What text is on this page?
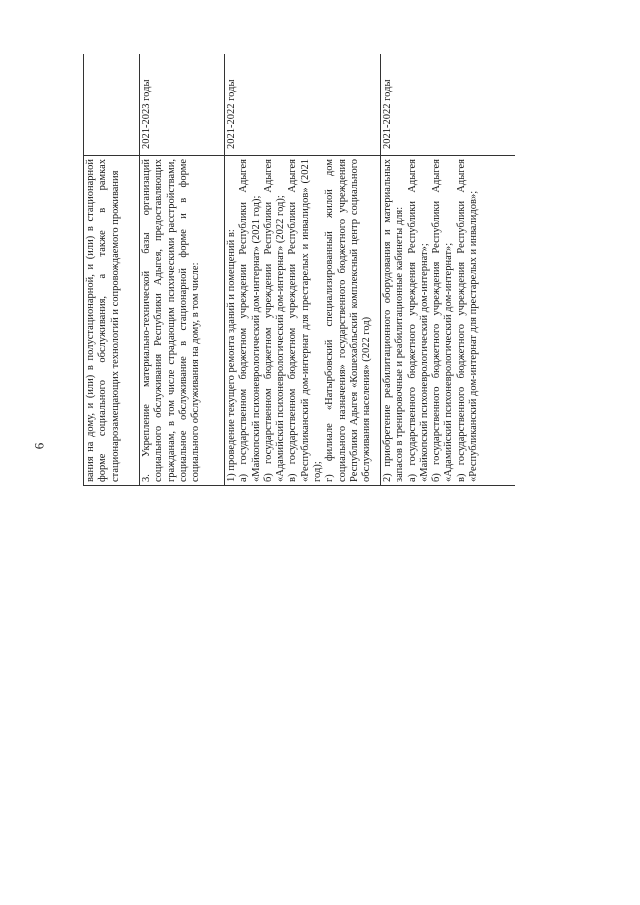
6	вания на дому, и (или) в полустационарной, и (или) в стационарной форме социального обслуживания, а также в рамках стационарозамещающих технологий и сопровождаемого проживания		
3. Укрепление материально-технической базы организаций социального обслуживания Республики Адыгея, предоставляющих гражданам, в том числе страдающим психическими расстройствами, социальное обслуживание в стационарной форме и в форме социального обслуживания на дому, в том числе:	2021-2023 годы	

1) проведение текущего ремонта зданий и помещений в: а) государственном бюджетном учреждении Республики Адыгея «Майкопский психоневрологический дом-интернат» (2021 год); б) государственном бюджетном учреждении Республики Адыгея «Адамийский психоневрологический дом-интернат» (2022 год); в) государственном бюджетном учреждении Республики Адыгея «Республиканский дом-интернат для престарелых и инвалидов» (2021 год); г) филиале «Натырбовский специализированный жилой дом социального назначения» государственного бюджетного учреждения Республики Адыгея «Кошехабльский комплексный центр социального обслуживания населения» (2022 год)	2021-2022 годы	

2) приобретение реабилитационного оборудования и материальных запасов в тренировочные и реабилитационные кабинеты для: а) государственного бюджетного учреждения Республики Адыгея «Майкопский психоневрологический дом-интернат»; б) государственного бюджетного учреждения Республики Адыгея «Адамийский психоневрологический дом-интернат»; в) государственного бюджетного учреждения Республики Адыгея «Республиканский дом-интернат для престарелых и инвалидов»;	2021-2022 годы	
